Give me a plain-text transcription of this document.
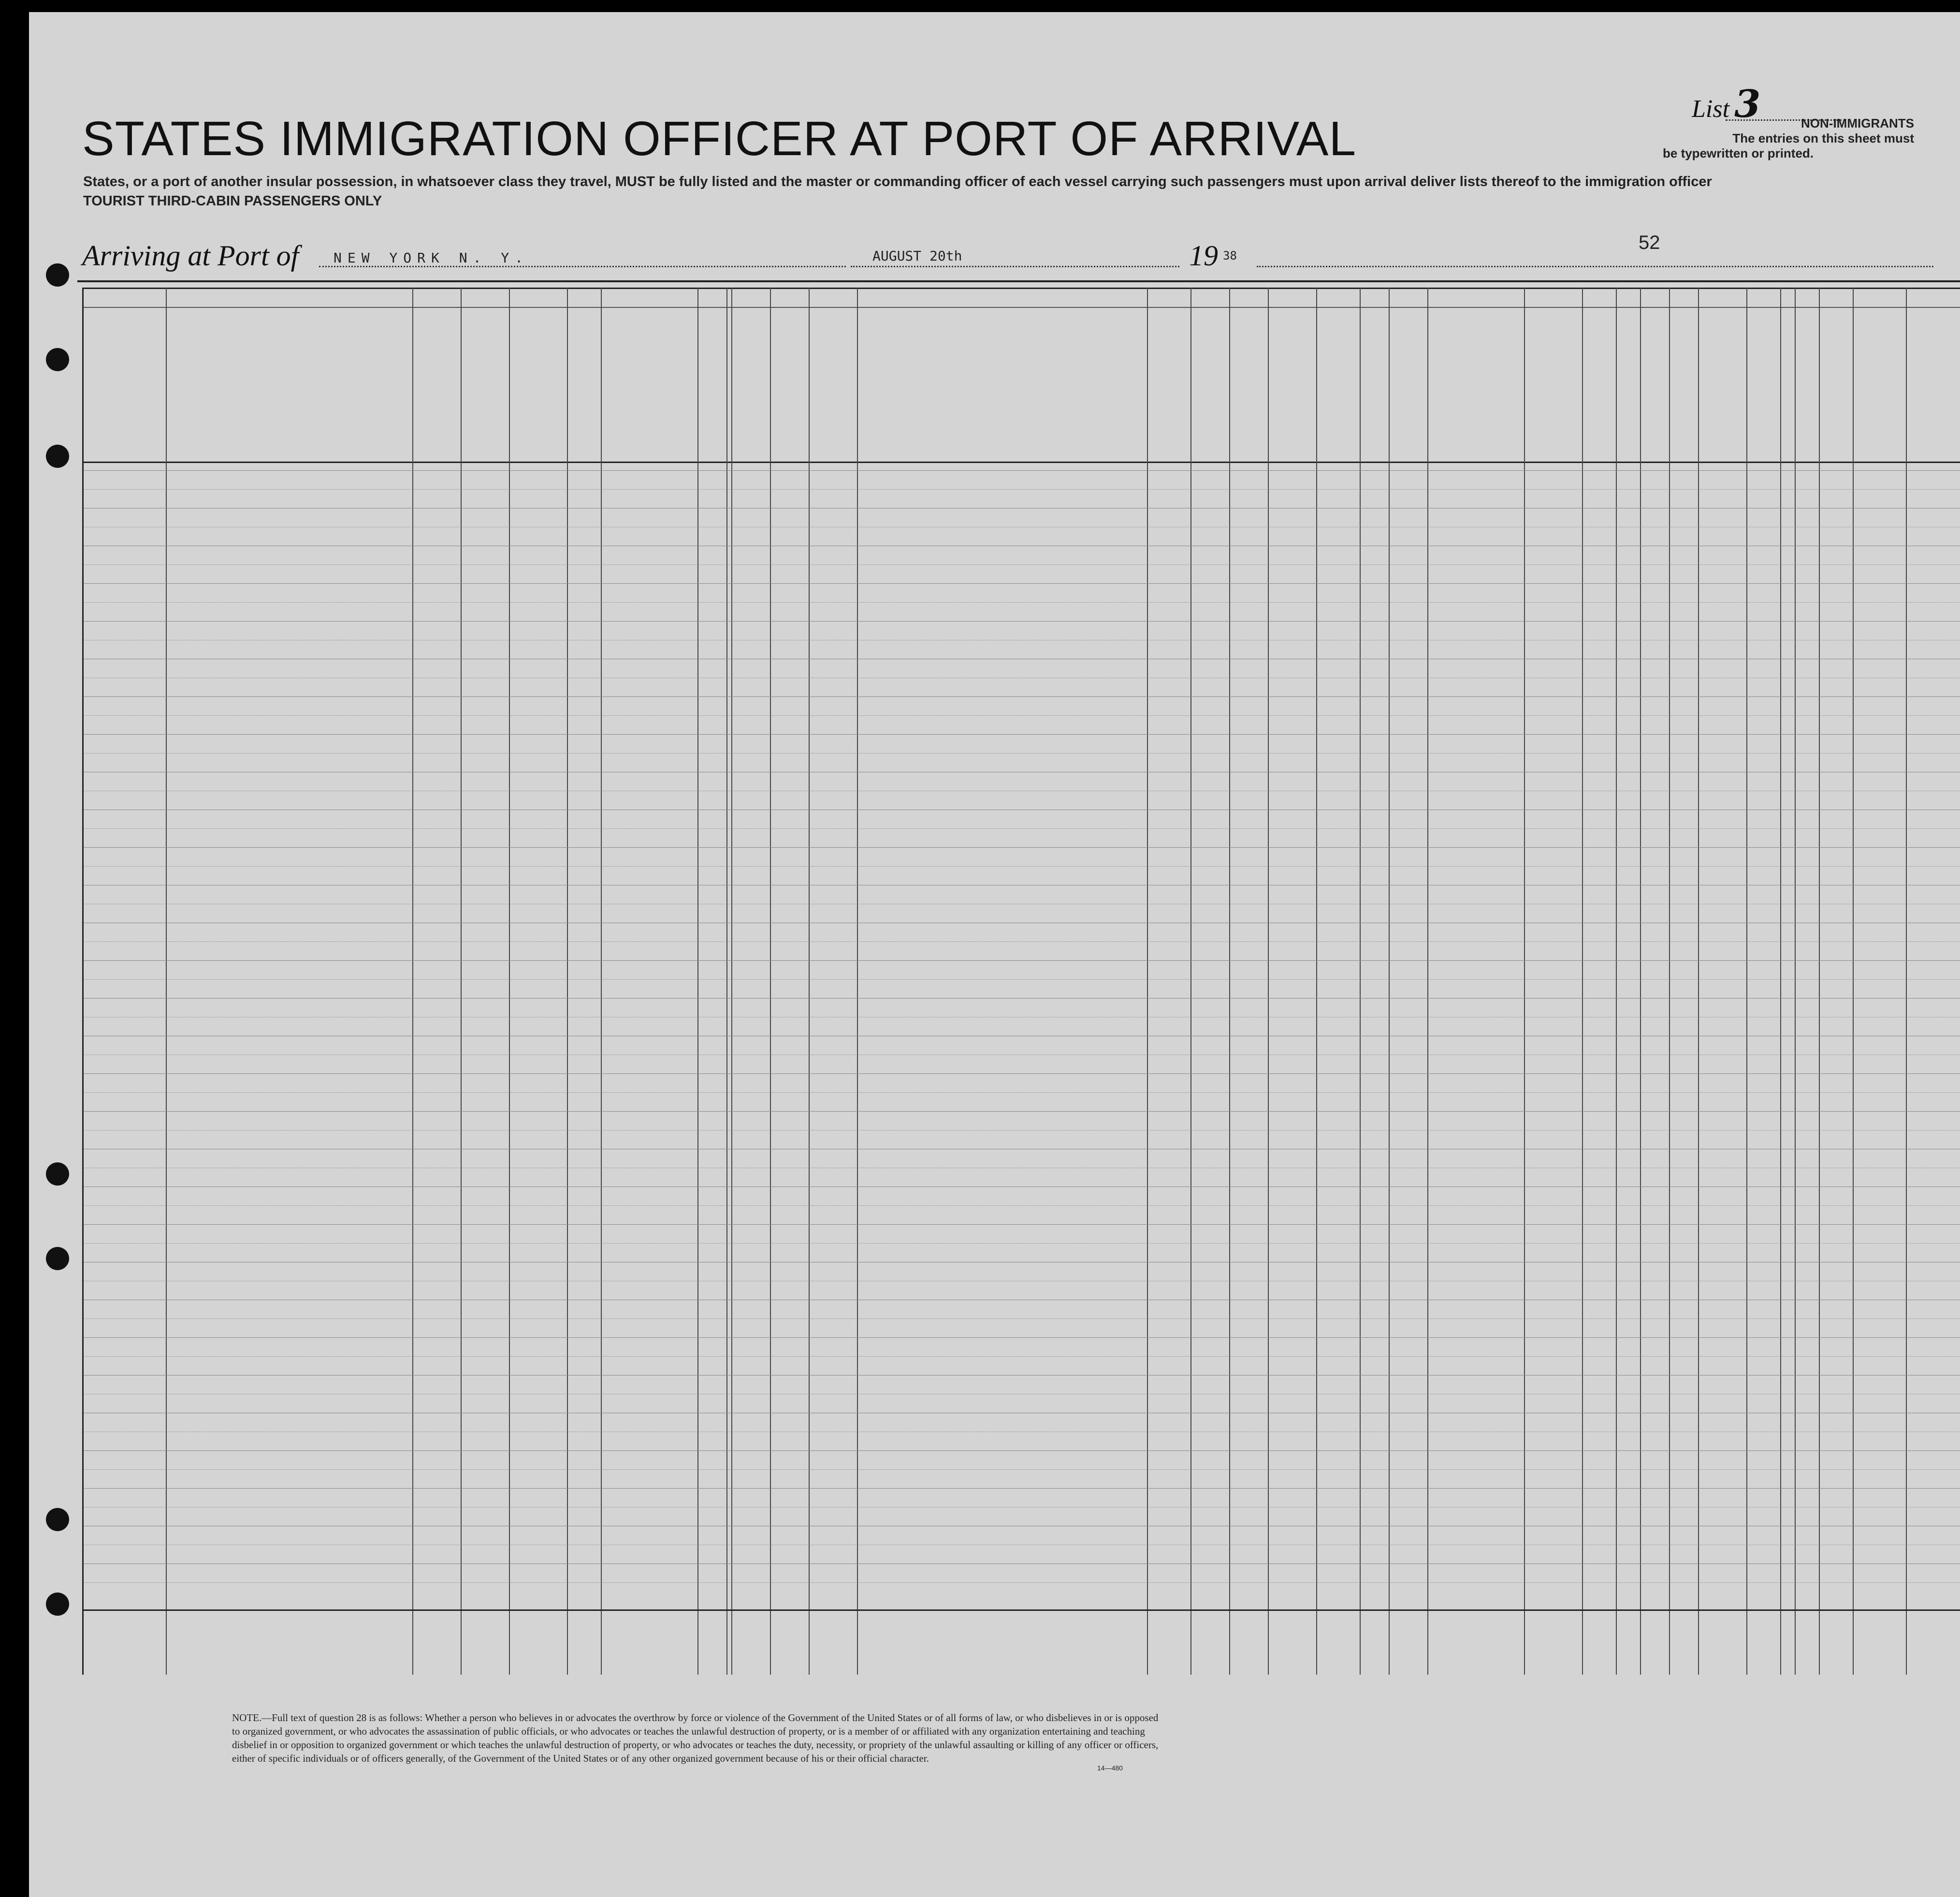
STATES IMMIGRATION OFFICER AT PORT OF ARRIVAL
States, or a port of another insular possession, in whatsoever class they travel, MUST be fully listed and the master or commanding officer of each vessel carrying such passengers must upon arrival deliver lists thereof to the immigration officer
TOURIST THIRD-CABIN PASSENGERS ONLY
List 3	NON-IMMIGRANTS
The entries on this sheet must
be typewritten or printed.
Arriving at Port of	NEW YORK N. Y.	AUGUST 20th	19 38
52
NOTE.—Full text of question 28 is as follows: Whether a person who believes in or advocates the overthrow by force or violence of the Government of the United States or of all forms of law, or who disbelieves in or is opposed to organized government, or who advocates the assassination of public officials, or who advocates or teaches the unlawful destruction of property, or is a member of or affiliated with any organization entertaining and teaching disbelief in or opposition to organized government or which teaches the unlawful destruction of property, or who advocates or teaches the duty, necessity, or propriety of the unlawful assaulting or killing of any officer or officers, either of specific individuals or of officers generally, of the Government of the United States or of any other organized government because of his or their official character.
14—480
